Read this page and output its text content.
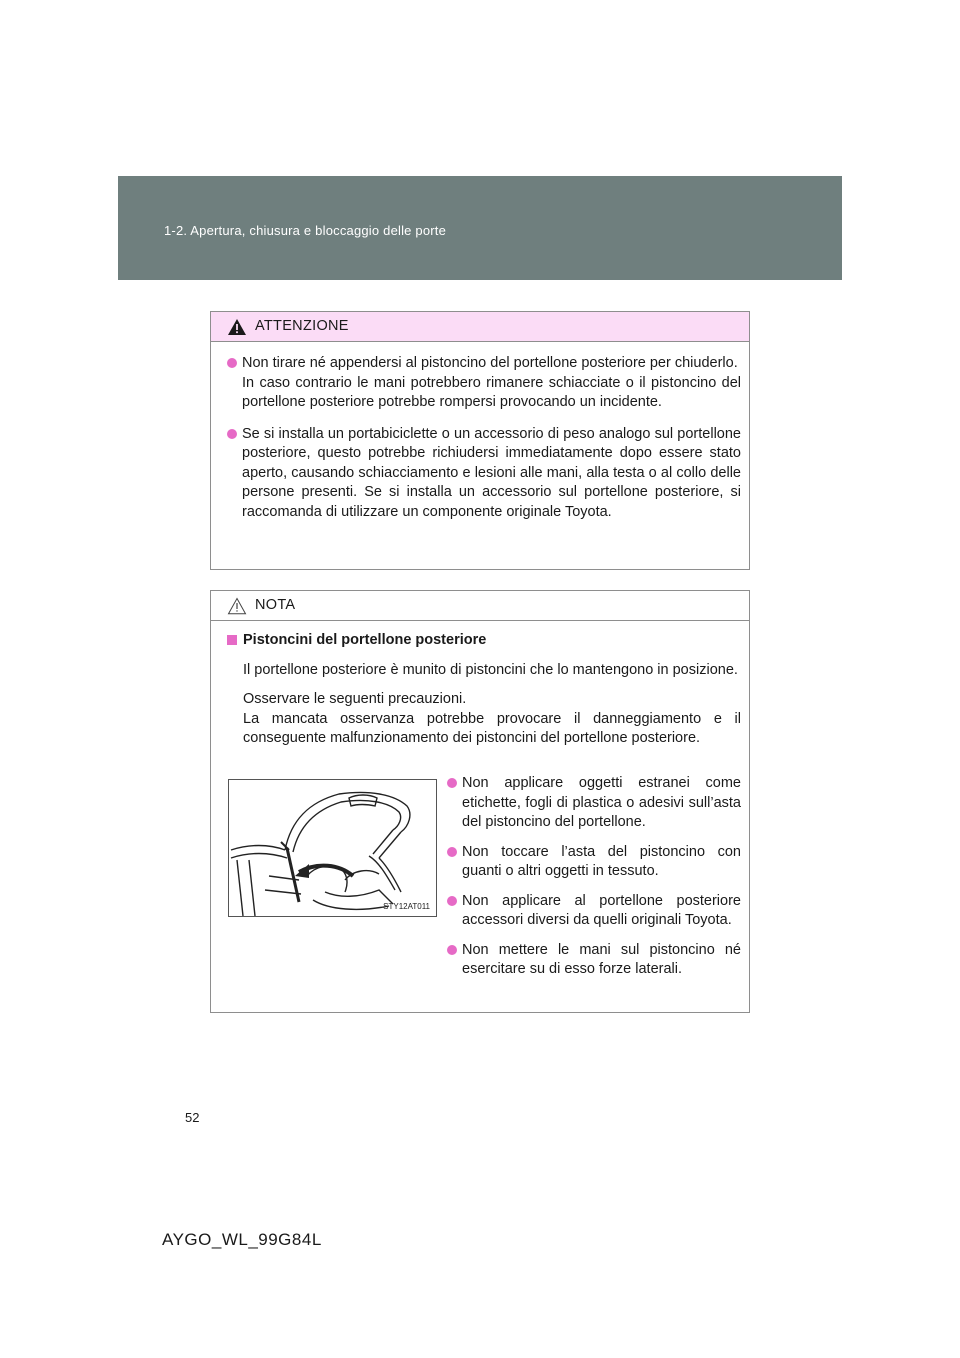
1-2. Apertura, chiusura e bloccaggio delle porte
ATTENZIONE
Non tirare né appendersi al pistoncino del portellone posteriore per chiuderlo.
In caso contrario le mani potrebbero rimanere schiacciate o il pistoncino del portellone posteriore potrebbe rompersi provocando un incidente.
Se si installa un portabiciclette o un accessorio di peso analogo sul portellone posteriore, questo potrebbe richiudersi immediatamente dopo essere stato aperto, causando schiacciamento e lesioni alle mani, alla testa o al collo delle persone presenti. Se si installa un accessorio sul portellone posteriore, si raccomanda di utilizzare un componente originale Toyota.
NOTA
Pistoncini del portellone posteriore
Il portellone posteriore è munito di pistoncini che lo mantengono in posizione.
Osservare le seguenti precauzioni.
La mancata osservanza potrebbe provocare il danneggiamento e il conseguente malfunzionamento dei pistoncini del portellone posteriore.
STY12AT011
Non applicare oggetti estranei come etichette, fogli di plastica o adesivi sull’asta del pistoncino del portellone.
Non toccare l’asta del pistoncino con guanti o altri oggetti in tessuto.
Non applicare al portellone posteriore accessori diversi da quelli originali Toyota.
Non mettere le mani sul pistoncino né esercitare su di esso forze laterali.
52
AYGO_WL_99G84L
